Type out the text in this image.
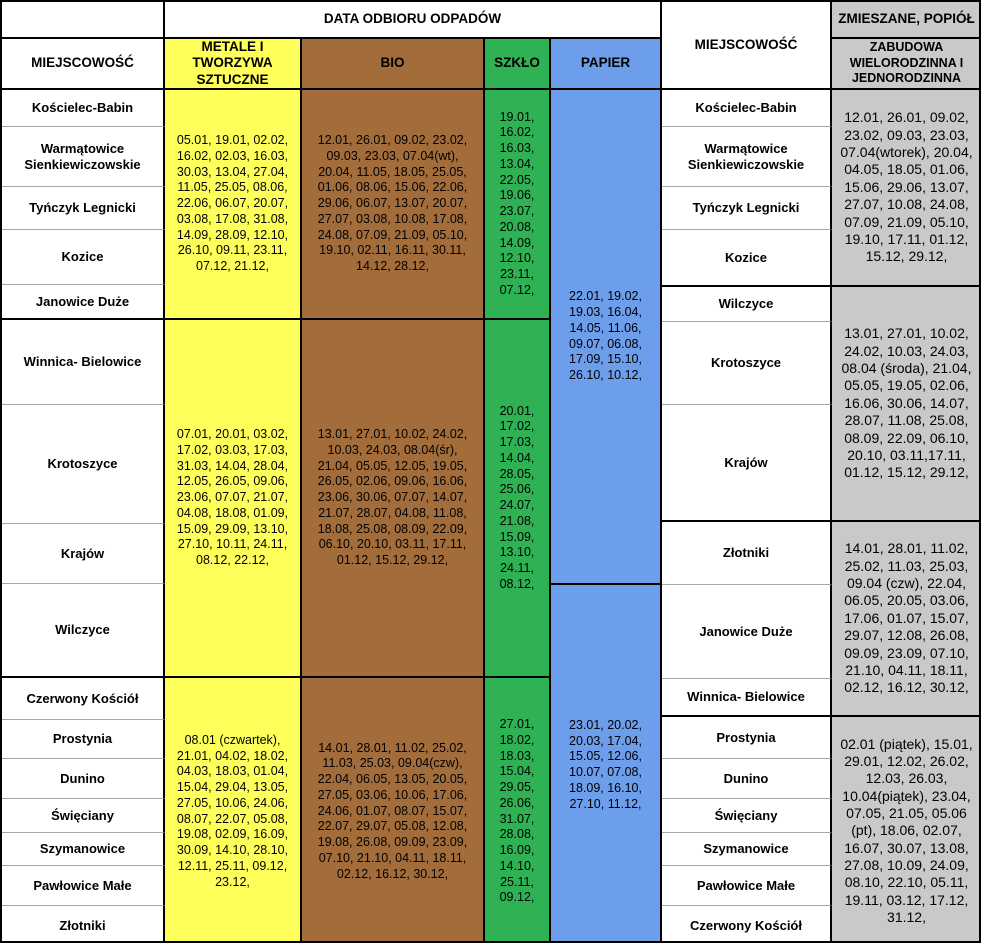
DATA ODBIORU ODPADÓW
MIEJSCOWOŚĆ
ZMIESZANE, POPIÓŁ
MIEJSCOWOŚĆ
METALE I TWORZYWA SZTUCZNE
BIO	SZKŁO	PAPIER
ZABUDOWA WIELORODZINNA I JEDNORODZINNA
Kościelec-Babin
Warmątowice Sienkiewiczowskie
Tyńczyk Legnicki
Kozice
Janowice Duże
Winnica- Bielowice
Krotoszyce
Krajów
Wilczyce
Czerwony Kościół
Prostynia
Dunino
Święciany
Szymanowice
Pawłowice Małe
Złotniki
05.01, 19.01, 02.02, 16.02, 02.03, 16.03, 30.03, 13.04, 27.04, 11.05, 25.05, 08.06, 22.06, 06.07, 20.07, 03.08, 17.08, 31.08, 14.09, 28.09, 12.10, 26.10, 09.11, 23.11, 07.12, 21.12,
07.01, 20.01, 03.02, 17.02, 03.03, 17.03, 31.03, 14.04, 28.04, 12.05, 26.05, 09.06, 23.06, 07.07, 21.07, 04.08, 18.08, 01.09, 15.09, 29.09, 13.10, 27.10, 10.11, 24.11, 08.12, 22.12,
08.01 (czwartek), 21.01, 04.02, 18.02, 04.03, 18.03, 01.04, 15.04, 29.04, 13.05, 27.05, 10.06, 24.06, 08.07, 22.07, 05.08, 19.08, 02.09, 16.09, 30.09, 14.10, 28.10, 12.11, 25.11, 09.12, 23.12,
12.01, 26.01, 09.02, 23.02, 09.03, 23.03, 07.04(wt), 20.04, 11.05, 18.05, 25.05, 01.06, 08.06, 15.06, 22.06, 29.06, 06.07, 13.07, 20.07, 27.07, 03.08, 10.08, 17.08, 24.08, 07.09, 21.09, 05.10, 19.10, 02.11, 16.11, 30.11, 14.12, 28.12,
13.01, 27.01, 10.02, 24.02, 10.03, 24.03, 08.04(śr), 21.04, 05.05, 12.05, 19.05, 26.05, 02.06, 09.06, 16.06, 23.06, 30.06, 07.07, 14.07, 21.07, 28.07, 04.08, 11.08, 18.08, 25.08, 08.09, 22.09, 06.10, 20.10, 03.11, 17.11, 01.12, 15.12, 29.12,
14.01, 28.01, 11.02, 25.02, 11.03, 25.03, 09.04(czw), 22.04, 06.05, 13.05, 20.05, 27.05, 03.06, 10.06, 17.06, 24.06, 01.07, 08.07, 15.07, 22.07, 29.07, 05.08, 12.08, 19.08, 26.08, 09.09, 23.09, 07.10, 21.10, 04.11, 18.11, 02.12, 16.12, 30.12,
19.01, 16.02, 16.03, 13.04, 22.05, 19.06, 23.07, 20.08, 14.09, 12.10, 23.11, 07.12,
20.01, 17.02, 17.03, 14.04, 28.05, 25.06, 24.07, 21.08, 15.09, 13.10, 24.11, 08.12,
27.01, 18.02, 18.03, 15.04, 29.05, 26.06, 31.07, 28.08, 16.09, 14.10, 25.11, 09.12,
22.01, 19.02, 19.03, 16.04, 14.05, 11.06, 09.07, 06.08, 17.09, 15.10, 26.10, 10.12,
23.01, 20.02, 20.03, 17.04, 15.05, 12.06, 10.07, 07.08, 18.09, 16.10, 27.10, 11.12,
Kościelec-Babin
Warmątowice Sienkiewiczowskie
Tyńczyk Legnicki
Kozice
Wilczyce
Krotoszyce
Krajów
Złotniki
Janowice Duże
Winnica- Bielowice
Prostynia
Dunino
Święciany
Szymanowice
Pawłowice Małe
Czerwony Kościół
12.01, 26.01, 09.02, 23.02, 09.03, 23.03, 07.04(wtorek), 20.04, 04.05, 18.05, 01.06, 15.06, 29.06, 13.07, 27.07, 10.08, 24.08, 07.09, 21.09, 05.10, 19.10, 17.11, 01.12, 15.12, 29.12,
13.01, 27.01, 10.02, 24.02, 10.03, 24.03, 08.04 (środa), 21.04, 05.05, 19.05, 02.06, 16.06, 30.06, 14.07, 28.07, 11.08, 25.08, 08.09, 22.09, 06.10, 20.10, 03.11,17.11, 01.12, 15.12, 29.12,
14.01, 28.01, 11.02, 25.02, 11.03, 25.03, 09.04 (czw), 22.04, 06.05, 20.05, 03.06, 17.06, 01.07, 15.07, 29.07, 12.08, 26.08, 09.09, 23.09, 07.10, 21.10, 04.11, 18.11, 02.12, 16.12, 30.12,
02.01 (piątek), 15.01, 29.01, 12.02, 26.02, 12.03, 26.03, 10.04(piątek), 23.04, 07.05, 21.05, 05.06 (pt), 18.06, 02.07, 16.07, 30.07, 13.08, 27.08, 10.09, 24.09, 08.10, 22.10, 05.11, 19.11, 03.12, 17.12, 31.12,
